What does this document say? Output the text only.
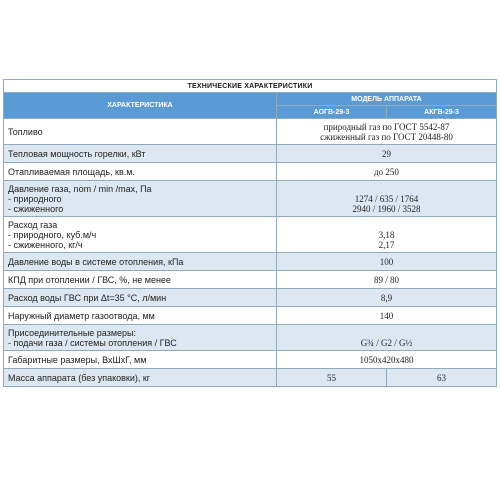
ТЕХНИЧЕСКИЕ ХАРАКТЕРИСТИКИ		
ХАРАКТЕРИСТИКА	МОДЕЛЬ АППАРАТА	
	АОГВ-29-3	АКГВ-29-3

Топливо	природный газ по ГОСТ 5542-87
сжиженный газ по ГОСТ 20448-80	

Тепловая мощность горелки, кВт	29	

Отапливаемая площадь, кв.м.	до 250	

Давление газа, nom / min /max, Па
- природного
- сжиженного	1274 / 635 / 1764
2940 / 1960 / 3528	

Расход газа
- природного, куб.м/ч
- сжиженного, кг/ч	3,18
2,17	

Давление воды в системе отопления, кПа	100	

КПД при отоплении / ГВС, %, не менее	89 / 80	

Расход воды ГВС при Δt=35 °С, л/мин	8,9	

Наружный диаметр газоотвода, мм	140	

Присоединительные размеры:
- подачи газа / системы отопления / ГВС	G¾ / G2 / G½	

Габаритные размеры, ВхШхГ, мм	1050x420x480	

Масса аппарата (без упаковки), кг	55	63
